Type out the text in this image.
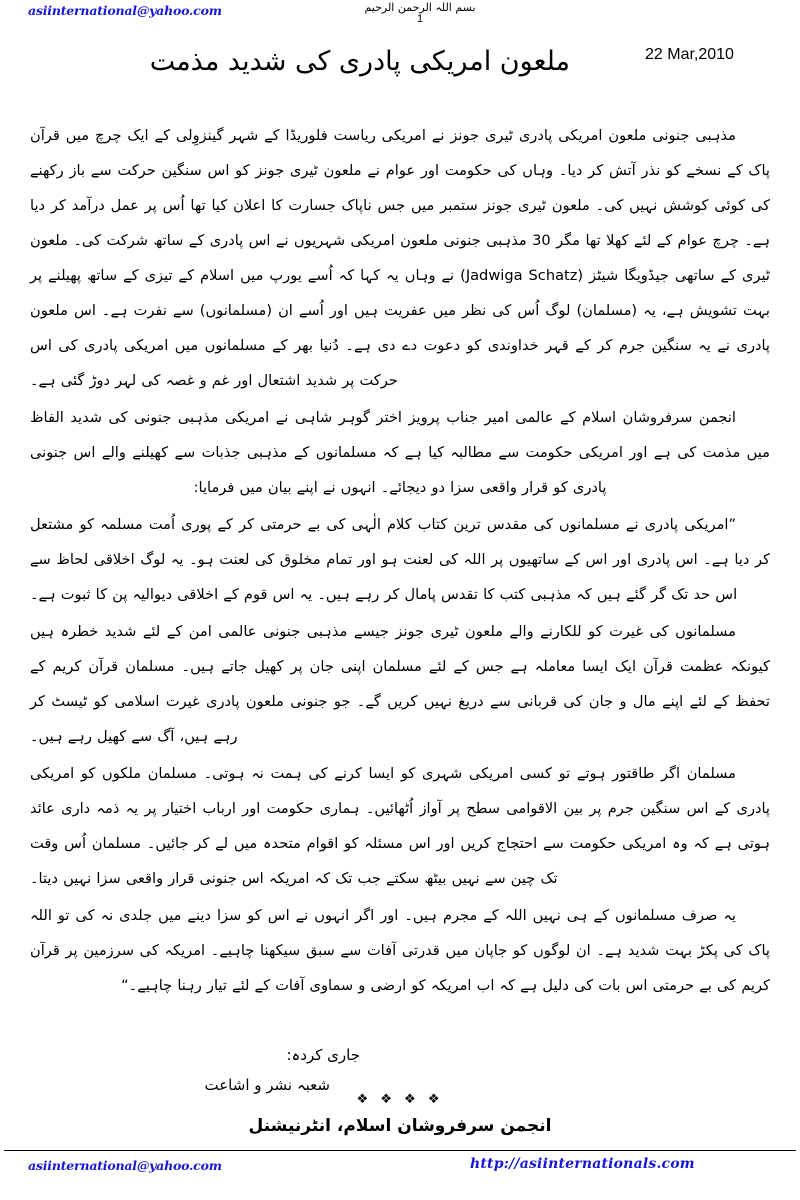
asiinternational@yahoo.com	بسم اللہ الرحمن الرحیم
1
ملعون امریکی پادری کی شدید مذمت	22 Mar,2010

مذہبی جنونی ملعون امریکی پادری ٹیری جونز نے امریکی ریاست فلوریڈا کے شہر گینزوِلی کے ایک چرچ میں قرآن پاک کے نسخے کو نذر آتش کر دیا۔ وہاں کی حکومت اور عوام نے ملعون ٹیری جونز کو اس سنگین حرکت سے باز رکھنے کی کوئی کوشش نہیں کی۔ ملعون ٹیری جونز ستمبر میں جس ناپاک جسارت کا اعلان کیا تھا اُس پر عمل درآمد کر دیا ہے۔ چرچ عوام کے لئے کھلا تھا مگر 30 مذہبی جنونی ملعون امریکی شہریوں نے اس پادری کے ساتھ شرکت کی۔ ملعون ٹیری کے ساتھی جیڈویگا شیٹز (Jadwiga Schatz) نے وہاں یہ کہا کہ اُسے یورپ میں اسلام کے تیزی کے ساتھ پھیلنے پر بہت تشویش ہے، یہ (مسلمان) لوگ اُس کی نظر میں عفریت ہیں اور اُسے ان (مسلمانوں) سے نفرت ہے۔ اس ملعون پادری نے یہ سنگین جرم کر کے قہر خداوندی کو دعوت دے دی ہے۔ دُنیا بھر کے مسلمانوں میں امریکی پادری کی اس حرکت پر شدید اشتعال اور غم و غصہ کی لہر دوڑ گئی ہے۔

انجمن سرفروشان اسلام کے عالمی امیر جناب پرویز اختر گوہر شاہی نے امریکی مذہبی جنونی کی شدید الفاظ میں مذمت کی ہے اور امریکی حکومت سے مطالبہ کیا ہے کہ مسلمانوں کے مذہبی جذبات سے کھیلنے والے اس جنونی پادری کو قرار واقعی سزا دو دیجائے۔ انہوں نے اپنے بیان میں فرمایا:

”امریکی پادری نے مسلمانوں کی مقدس ترین کتاب کلام الٰہی کی بے حرمتی کر کے پوری اُمت مسلمہ کو مشتعل کر دیا ہے۔ اس پادری اور اس کے ساتھیوں پر اللہ کی لعنت ہو اور تمام مخلوق کی لعنت ہو۔ یہ لوگ اخلاقی لحاظ سے اس حد تک گر گئے ہیں کہ مذہبی کتب کا تقدس پامال کر رہے ہیں۔ یہ اس قوم کے اخلاقی دیوالیہ پن کا ثبوت ہے۔

مسلمانوں کی غیرت کو للکارنے والے ملعون ٹیری جونز جیسے مذہبی جنونی عالمی امن کے لئے شدید خطرہ ہیں کیونکہ عظمت قرآن ایک ایسا معاملہ ہے جس کے لئے مسلمان اپنی جان پر کھیل جاتے ہیں۔ مسلمان قرآن کریم کے تحفظ کے لئے اپنے مال و جان کی قربانی سے دریغ نہیں کریں گے۔ جو جنونی ملعون پادری غیرت اسلامی کو ٹیسٹ کر رہے ہیں، آگ سے کھیل رہے ہیں۔

مسلمان اگر طاقتور ہوتے تو کسی امریکی شہری کو ایسا کرنے کی ہمت نہ ہوتی۔ مسلمان ملکوں کو امریکی پادری کے اس سنگین جرم پر بین الاقوامی سطح پر آواز اُٹھائیں۔ ہماری حکومت اور ارباب اختیار پر یہ ذمہ داری عائد ہوتی ہے کہ وہ امریکی حکومت سے احتجاج کریں اور اس مسئلہ کو اقوام متحدہ میں لے کر جائیں۔ مسلمان اُس وقت تک چین سے نہیں بیٹھ سکتے جب تک کہ امریکہ اس جنونی قرار واقعی سزا نہیں دیتا۔

یہ صرف مسلمانوں کے ہی نہیں اللہ کے مجرم ہیں۔ اور اگر انہوں نے اس کو سزا دینے میں جلدی نہ کی تو اللہ پاک کی پکڑ بہت شدید ہے۔ ان لوگوں کو جاپان میں قدرتی آفات سے سبق سیکھنا چاہیے۔ امریکہ کی سرزمین پر قرآن کریم کی بے حرمتی اس بات کی دلیل ہے کہ اب امریکہ کو ارضی و سماوی آفات کے لئے تیار رہنا چاہیے۔“

جاری کردہ:
شعبہ نشر و اشاعت
❖ ❖ ❖ ❖
انجمن سرفروشان اسلام، انٹرنیشنل
asiinternational@yahoo.com	http://asiinternationals.com
